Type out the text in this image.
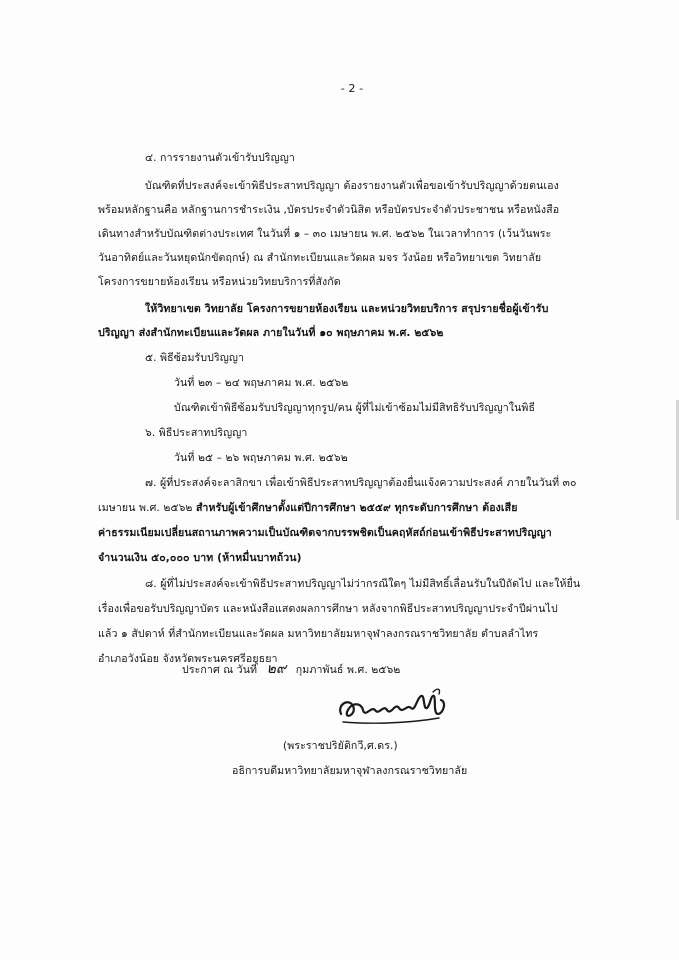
- 2 -
๔. การรายงานตัวเข้ารับปริญญา
บัณฑิตที่ประสงค์จะเข้าพิธีประสาทปริญญา ต้องรายงานตัวเพื่อขอเข้ารับปริญญาด้วยตนเอง
พร้อมหลักฐานคือ หลักฐานการชำระเงิน ,บัตรประจำตัวนิสิต หรือบัตรประจำตัวประชาชน หรือหนังสือ
เดินทางสำหรับบัณฑิตต่างประเทศ ในวันที่ ๑ – ๓๐ เมษายน พ.ศ. ๒๕๖๒ ในเวลาทำการ (เว้นวันพระ
วันอาทิตย์และวันหยุดนักขัตฤกษ์) ณ สำนักทะเบียนและวัดผล มจร วังน้อย หรือวิทยาเขต วิทยาลัย
โครงการขยายห้องเรียน หรือหน่วยวิทยบริการที่สังกัด
ให้วิทยาเขต วิทยาลัย โครงการขยายห้องเรียน และหน่วยวิทยบริการ สรุปรายชื่อผู้เข้ารับ
ปริญญา ส่งสำนักทะเบียนและวัดผล ภายในวันที่ ๑๐ พฤษภาคม พ.ศ. ๒๕๖๒
๕. พิธีซ้อมรับปริญญา
วันที่ ๒๓ – ๒๔ พฤษภาคม พ.ศ. ๒๕๖๒
บัณฑิตเข้าพิธีซ้อมรับปริญญาทุกรูป/คน ผู้ที่ไม่เข้าซ้อมไม่มีสิทธิรับปริญญาในพิธี
๖. พิธีประสาทปริญญา
วันที่ ๒๕ – ๒๖ พฤษภาคม พ.ศ. ๒๕๖๒
๗. ผู้ที่ประสงค์จะลาสิกขา เพื่อเข้าพิธีประสาทปริญญาต้องยื่นแจ้งความประสงค์ ภายในวันที่ ๓๐
เมษายน พ.ศ. ๒๕๖๒ สำหรับผู้เข้าศึกษาตั้งแต่ปีการศึกษา ๒๕๕๙ ทุกระดับการศึกษา ต้องเสีย
ค่าธรรมเนียมเปลี่ยนสถานภาพความเป็นบัณฑิตจากบรรพชิตเป็นคฤหัสถ์ก่อนเข้าพิธีประสาทปริญญา
จำนวนเงิน ๕๐,๐๐๐ บาท (ห้าหมื่นบาทถ้วน)
๘. ผู้ที่ไม่ประสงค์จะเข้าพิธีประสาทปริญญาไม่ว่ากรณีใดๆ ไม่มีสิทธิ์เลื่อนรับในปีถัดไป และให้ยื่น
เรื่องเพื่อขอรับปริญญาบัตร และหนังสือแสดงผลการศึกษา หลังจากพิธีประสาทปริญญาประจำปีผ่านไป
แล้ว ๑ สัปดาห์ ที่สำนักทะเบียนและวัดผล มหาวิทยาลัยมหาจุฬาลงกรณราชวิทยาลัย ตำบลลำไทร
อำเภอวังน้อย จังหวัดพระนครศรีอยุธยา
ประกาศ ณ วันที่ ๒๙ กุมภาพันธ์ พ.ศ. ๒๕๖๒
(พระราชปริยัติกวี,ศ.ดร.)
อธิการบดีมหาวิทยาลัยมหาจุฬาลงกรณราชวิทยาลัย
